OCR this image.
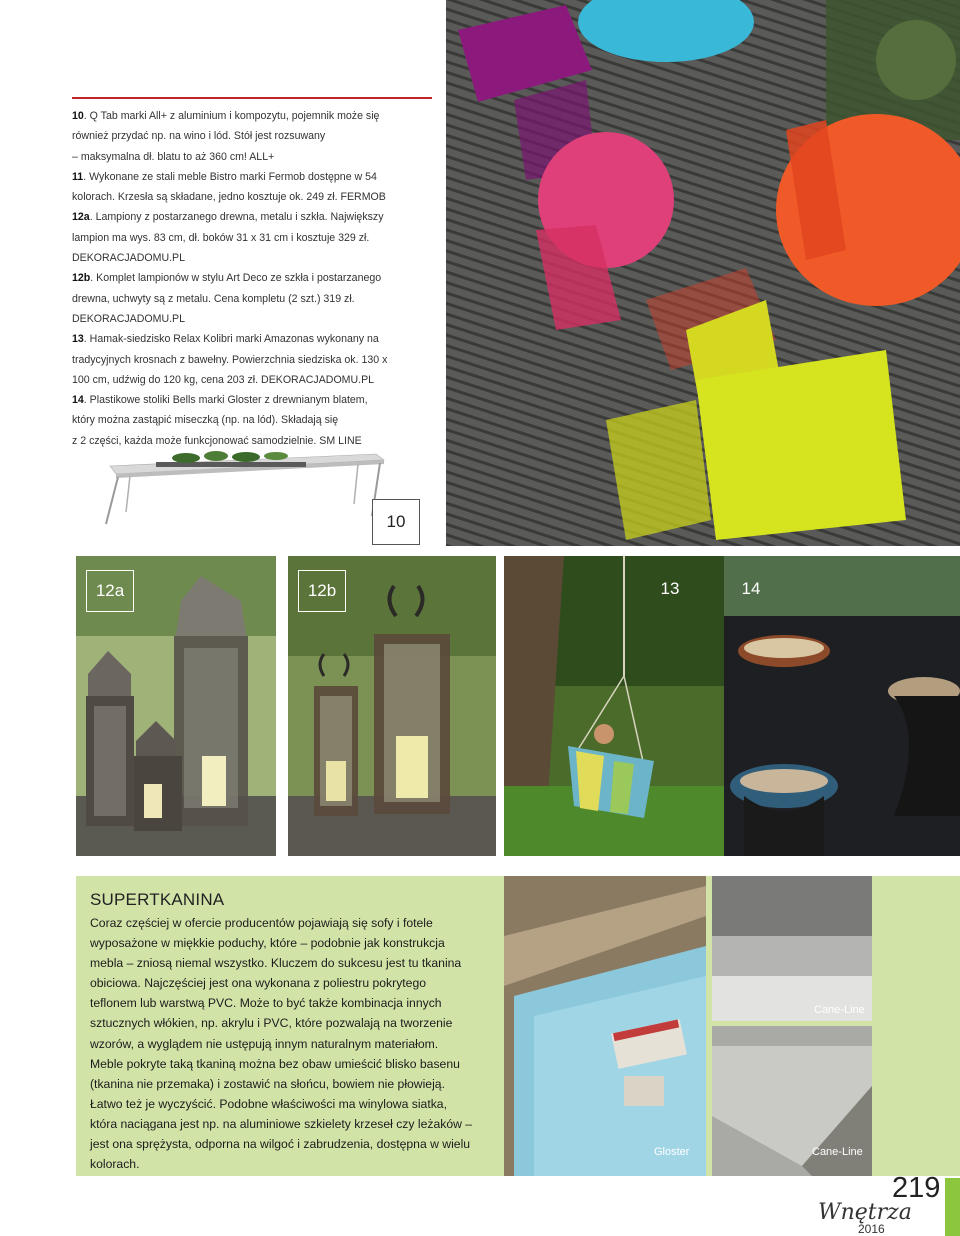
10. Q Tab marki All+ z aluminium i kompozytu, pojemnik może się

również przydać np. na wino i lód. Stół jest rozsuwany

– maksymalna dł. blatu to aż 360 cm! ALL+

11. Wykonane ze stali meble Bistro marki Fermob dostępne w 54

kolorach. Krzesła są składane, jedno kosztuje ok. 249 zł. FERMOB

12a. Lampiony z postarzanego drewna, metalu i szkła. Największy

lampion ma wys. 83 cm, dł. boków 31 x 31 cm i kosztuje 329 zł.

DEKORACJADOMU.PL

12b. Komplet lampionów w stylu Art Deco ze szkła i postarzanego

drewna, uchwyty są z metalu. Cena kompletu (2 szt.) 319 zł.

DEKORACJADOMU.PL

13. Hamak-siedzisko Relax Kolibri marki Amazonas wykonany na

tradycyjnych krosnach z bawełny. Powierzchnia siedziska ok. 130 x

100 cm, udźwig do 120 kg, cena 203 zł. DEKORACJADOMU.PL

14. Plastikowe stoliki Bells marki Gloster z drewnianym blatem,

który można zastąpić miseczką (np. na lód). Składają się

z 2 części, każda może funkcjonować samodzielnie. SM LINE

10
12a	12b	13	14
SUPERTKANINA
Coraz częściej w ofercie producentów pojawiają się sofy i fotele
wyposażone w miękkie poduchy, które – podobnie jak konstrukcja
mebla – zniosą niemal wszystko. Kluczem do sukcesu jest tu tkanina
obiciowa. Najczęściej jest ona wykonana z poliestru pokrytego
teflonem lub warstwą PVC. Może to być także kombinacja innych
sztucznych włókien, np. akrylu i PVC, które pozwalają na tworzenie
wzorów, a wyglądem nie ustępują innym naturalnym materiałom.
Meble pokryte taką tkaniną można bez obaw umieścić blisko basenu
(tkanina nie przemaka) i zostawić na słońcu, bowiem nie płowieją.
Łatwo też je wyczyścić. Podobne właściwości ma winylowa siatka,
która naciągana jest np. na aluminiowe szkielety krzeseł czy leżaków –
jest ona sprężysta, odporna na wilgoć i zabrudzenia, dostępna w wielu
kolorach.
Gloster
Cane-Line
Cane-Line
219
Wnętrza
2016
